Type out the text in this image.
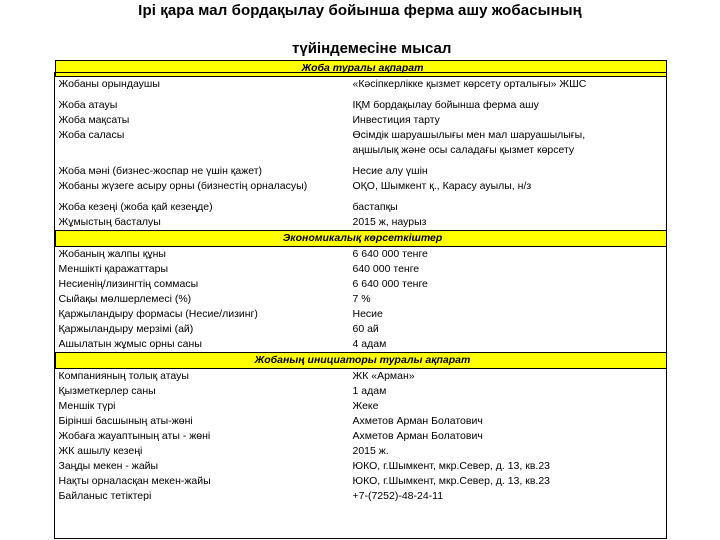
Ірі қара мал бордақылау бойынша ферма ашу жобасының
түйіндемесіне мысал
Жоба туралы ақпарат	
Жобаны орындаушы	«Кәсіпкерлікке қызмет көрсету орталығы» ЖШС

Жоба атауы	ІҚМ бордақылау бойынша ферма ашу
Жоба мақсаты	Инвестиция тарту
Жоба саласы	Өсімдік шаруашылығы мен мал шаруашылығы,
	аңшылық және осы саладағы қызмет көрсету

Жоба мәні (бизнес-жоспар не үшін қажет)	Несие алу үшін
Жобаны жүзеге асыру орны (бизнестің орналасуы)	ОҚО, Шымкент қ., Карасу ауылы, н/з

Жоба кезеңі (жоба қай кезеңде)	бастапқы
Жұмыстың басталуы	2015 ж, наурыз
Экономикалық көрсеткіштер	
Жобаның жалпы құны	6 640 000 тенге
Меншікті қаражаттары	640 000 тенге
Несиенің/лизингтің соммасы	6 640 000 тенге
Сыйақы мөлшерлемесі (%)	7 %
Қаржыландыру формасы (Несие/лизинг)	Несие
Қаржыландыру мерзімі (ай)	60 ай
Ашылатын жұмыс орны саны	4 адам
Жобаның инициаторы туралы ақпарат	
Компанияның толық атауы	ЖК «Арман»
Қызметкерлер саны	1 адам
Меншік түрі	Жеке
Бірінші басшының аты-жөні	Ахметов Арман Болатович
Жобаға жауаптының аты - жөні	Ахметов Арман Болатович
ЖК ашылу кезеңі	2015 ж.
Заңды мекен - жайы	ЮКО, г.Шымкент, мкр.Север, д. 13, кв.23
Нақты орналасқан мекен-жайы	ЮКО, г.Шымкент, мкр.Север, д. 13, кв.23
Байланыс тетіктері	+7-(7252)-48-24-11
